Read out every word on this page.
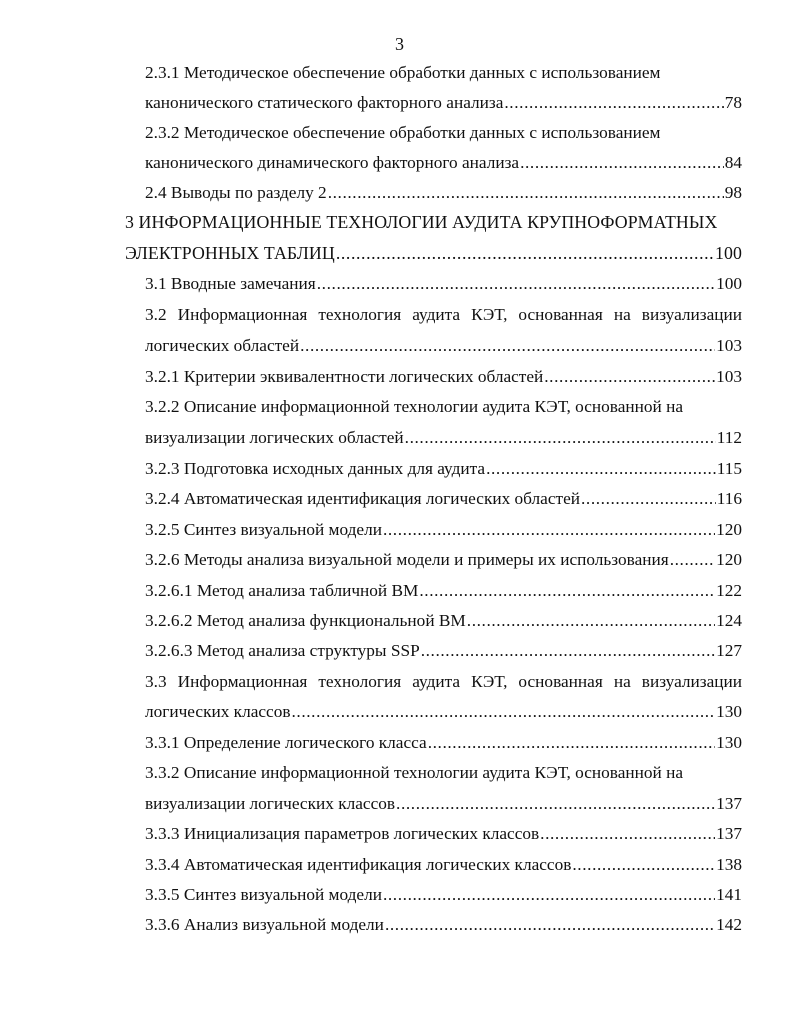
3
2.3.1 Методическое обеспечение обработки данных с использованием
канонического статического факторного анализа .....	78
2.3.2 Методическое обеспечение обработки данных с использованием
канонического динамического факторного анализа .....	84
2.4 Выводы по разделу 2 .....	98
3 ИНФОРМАЦИОННЫЕ ТЕХНОЛОГИИ АУДИТА КРУПНОФОРМАТНЫХ
ЭЛЕКТРОННЫХ ТАБЛИЦ .....	100
3.1 Вводные замечания .....	100
3.2 Информационная технология аудита КЭТ, основанная на визуализации
логических областей .....	103
3.2.1 Критерии эквивалентности логических областей .....	103
3.2.2 Описание информационной технологии аудита КЭТ, основанной на
визуализации логических областей .....	112
3.2.3 Подготовка исходных данных для аудита .....	115
3.2.4 Автоматическая идентификация логических областей .....	116
3.2.5 Синтез визуальной модели .....	120
3.2.6 Методы анализа визуальной модели и примеры их использования .....	120
3.2.6.1 Метод анализа табличной ВМ .....	122
3.2.6.2 Метод анализа функциональной ВМ .....	124
3.2.6.3 Метод анализа структуры SSP .....	127
3.3 Информационная технология аудита КЭТ, основанная на визуализации
логических классов .....	130
3.3.1 Определение логического класса .....	130
3.3.2 Описание информационной технологии аудита КЭТ, основанной на
визуализации логических классов .....	137
3.3.3 Инициализация параметров логических классов .....	137
3.3.4 Автоматическая идентификация логических классов .....	138
3.3.5 Синтез визуальной модели .....	141
3.3.6 Анализ визуальной модели .....	142
